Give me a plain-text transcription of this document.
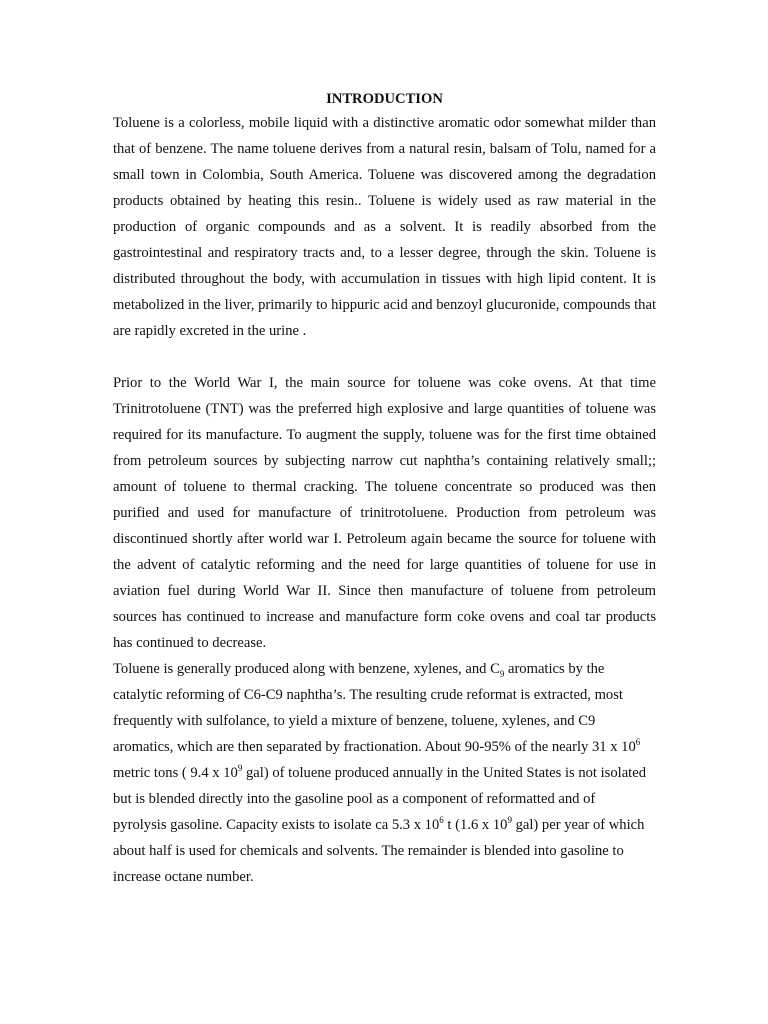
INTRODUCTION

Toluene is a colorless, mobile liquid with a distinctive aromatic odor somewhat milder than that of benzene. The name toluene derives from a natural resin, balsam of Tolu, named for a small town in Colombia, South America. Toluene was discovered among the degradation products obtained by heating this resin.. Toluene is widely used as raw material in the production of organic compounds and as a solvent. It is readily absorbed from the gastrointestinal and respiratory tracts and, to a lesser degree, through the skin. Toluene is distributed throughout the body, with accumulation in tissues with high lipid content. It is metabolized in the liver, primarily to hippuric acid and benzoyl glucuronide, compounds that are rapidly excreted in the urine .

Prior to the World War I, the main source for toluene was coke ovens. At that time Trinitrotoluene (TNT) was the preferred high explosive and large quantities of toluene was required for its manufacture. To augment the supply, toluene was for the first time obtained from petroleum sources by subjecting narrow cut naphtha’s containing relatively small;; amount of toluene to thermal cracking. The toluene concentrate so produced was then purified and used for manufacture of trinitrotoluene. Production from petroleum was discontinued shortly after world war I. Petroleum again became the source for toluene with the advent of catalytic reforming and the need for large quantities of toluene for use in aviation fuel during World War II. Since then manufacture of toluene from petroleum sources has continued to increase and manufacture form coke ovens and coal tar products has continued to decrease.

Toluene is generally produced along with benzene, xylenes, and $C_9$ aromatics by the catalytic reforming of C6-C9 naphtha’s. The resulting crude reformat is extracted, most frequently with sulfolance, to yield a mixture of benzene, toluene, xylenes, and C9 aromatics, which are then separated by fractionation. About 90-95% of the nearly 31 x $10^6$ metric tons ( 9.4 x $10^9$ gal) of toluene produced annually in the United States is not isolated but is blended directly into the gasoline pool as a component of reformatted and of pyrolysis gasoline. Capacity exists to isolate ca 5.3 x $10^6$ t (1.6 x $10^9$ gal) per year of which about half is used for chemicals and solvents. The remainder is blended into gasoline to increase octane number.
